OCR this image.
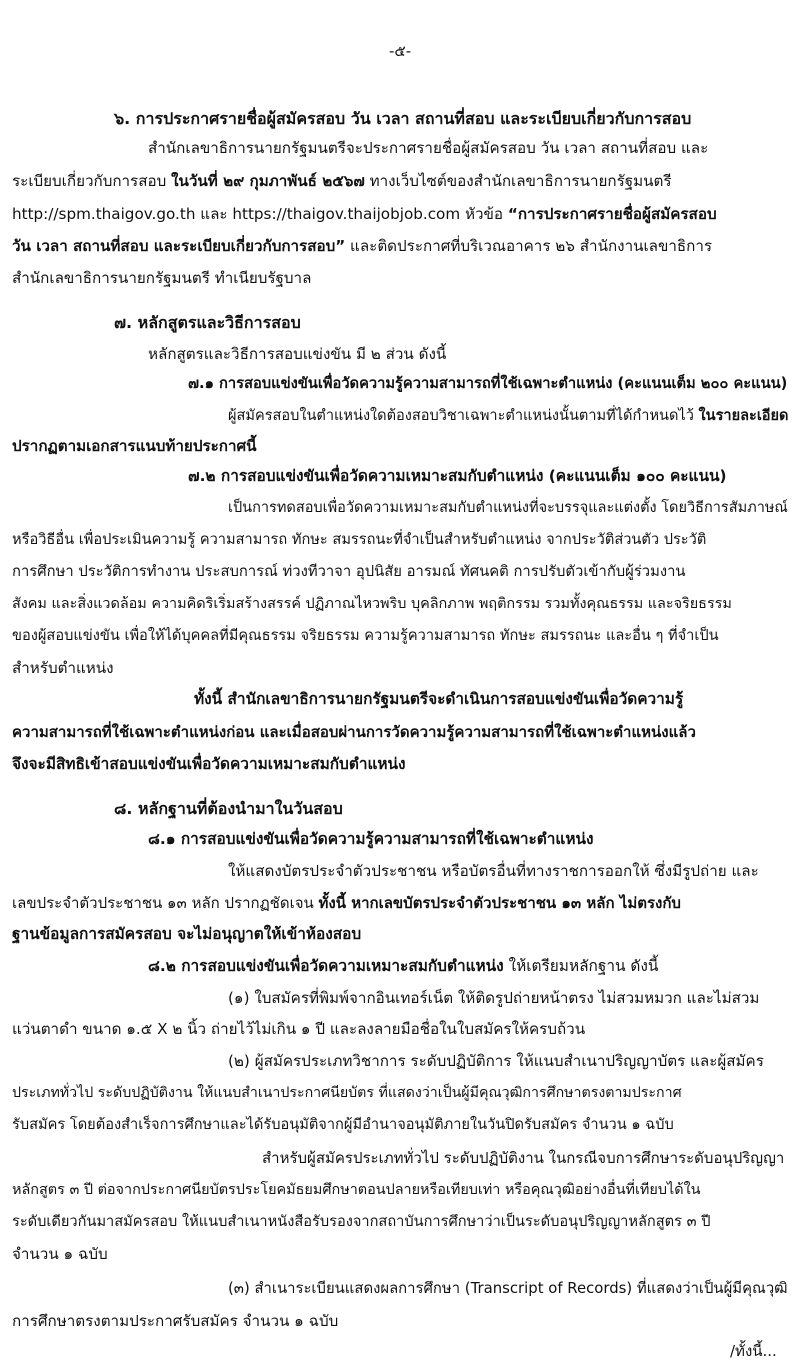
-๕-
๖. การประกาศรายชื่อผู้สมัครสอบ วัน เวลา สถานที่สอบ และระเบียบเกี่ยวกับการสอบ
สำนักเลขาธิการนายกรัฐมนตรีจะประกาศรายชื่อผู้สมัครสอบ วัน เวลา สถานที่สอบ และ
ระเบียบเกี่ยวกับการสอบ ในวันที่ ๒๙ กุมภาพันธ์ ๒๕๖๗ ทางเว็บไซต์ของสำนักเลขาธิการนายกรัฐมนตรี
http://spm.thaigov.go.th และ https://thaigov.thaijobjob.com หัวข้อ “การประกาศรายชื่อผู้สมัครสอบ
วัน เวลา สถานที่สอบ และระเบียบเกี่ยวกับการสอบ” และติดประกาศที่บริเวณอาคาร ๒๖ สำนักงานเลขาธิการ
สำนักเลขาธิการนายกรัฐมนตรี ทำเนียบรัฐบาล
๗. หลักสูตรและวิธีการสอบ
หลักสูตรและวิธีการสอบแข่งขัน มี ๒ ส่วน ดังนี้
๗.๑ การสอบแข่งขันเพื่อวัดความรู้ความสามารถที่ใช้เฉพาะตำแหน่ง (คะแนนเต็ม ๒๐๐ คะแนน)
ผู้สมัครสอบในตำแหน่งใดต้องสอบวิชาเฉพาะตำแหน่งนั้นตามที่ได้กำหนดไว้ ในรายละเอียด
ปรากฏตามเอกสารแนบท้ายประกาศนี้
๗.๒ การสอบแข่งขันเพื่อวัดความเหมาะสมกับตำแหน่ง (คะแนนเต็ม ๑๐๐ คะแนน)
เป็นการทดสอบเพื่อวัดความเหมาะสมกับตำแหน่งที่จะบรรจุและแต่งตั้ง โดยวิธีการสัมภาษณ์
หรือวิธีอื่น เพื่อประเมินความรู้ ความสามารถ ทักษะ สมรรถนะที่จำเป็นสำหรับตำแหน่ง จากประวัติส่วนตัว ประวัติ
การศึกษา ประวัติการทำงาน ประสบการณ์ ท่วงทีวาจา อุปนิสัย อารมณ์ ทัศนคติ การปรับตัวเข้ากับผู้ร่วมงาน
สังคม และสิ่งแวดล้อม ความคิดริเริ่มสร้างสรรค์ ปฏิภาณไหวพริบ บุคลิกภาพ พฤติกรรม รวมทั้งคุณธรรม และจริยธรรม
ของผู้สอบแข่งขัน เพื่อให้ได้บุคคลที่มีคุณธรรม จริยธรรม ความรู้ความสามารถ ทักษะ สมรรถนะ และอื่น ๆ ที่จำเป็น
สำหรับตำแหน่ง
ทั้งนี้ สำนักเลขาธิการนายกรัฐมนตรีจะดำเนินการสอบแข่งขันเพื่อวัดความรู้
ความสามารถที่ใช้เฉพาะตำแหน่งก่อน และเมื่อสอบผ่านการวัดความรู้ความสามารถที่ใช้เฉพาะตำแหน่งแล้ว
จึงจะมีสิทธิเข้าสอบแข่งขันเพื่อวัดความเหมาะสมกับตำแหน่ง
๘. หลักฐานที่ต้องนำมาในวันสอบ
๘.๑ การสอบแข่งขันเพื่อวัดความรู้ความสามารถที่ใช้เฉพาะตำแหน่ง
ให้แสดงบัตรประจำตัวประชาชน หรือบัตรอื่นที่ทางราชการออกให้ ซึ่งมีรูปถ่าย และ
เลขประจำตัวประชาชน ๑๓ หลัก ปรากฏชัดเจน ทั้งนี้ หากเลขบัตรประจำตัวประชาชน ๑๓ หลัก ไม่ตรงกับ
ฐานข้อมูลการสมัครสอบ จะไม่อนุญาตให้เข้าห้องสอบ
๘.๒ การสอบแข่งขันเพื่อวัดความเหมาะสมกับตำแหน่ง ให้เตรียมหลักฐาน ดังนี้
(๑) ใบสมัครที่พิมพ์จากอินเทอร์เน็ต ให้ติดรูปถ่ายหน้าตรง ไม่สวมหมวก และไม่สวม
แว่นตาดำ ขนาด ๑.๕ X ๒ นิ้ว ถ่ายไว้ไม่เกิน ๑ ปี และลงลายมือชื่อในใบสมัครให้ครบถ้วน
(๒) ผู้สมัครประเภทวิชาการ ระดับปฏิบัติการ ให้แนบสำเนาปริญญาบัตร และผู้สมัคร
ประเภททั่วไป ระดับปฏิบัติงาน ให้แนบสำเนาประกาศนียบัตร ที่แสดงว่าเป็นผู้มีคุณวุฒิการศึกษาตรงตามประกาศ
รับสมัคร โดยต้องสำเร็จการศึกษาและได้รับอนุมัติจากผู้มีอำนาจอนุมัติภายในวันปิดรับสมัคร จำนวน ๑ ฉบับ
สำหรับผู้สมัครประเภททั่วไป ระดับปฏิบัติงาน ในกรณีจบการศึกษาระดับอนุปริญญา
หลักสูตร ๓ ปี ต่อจากประกาศนียบัตรประโยคมัธยมศึกษาตอนปลายหรือเทียบเท่า หรือคุณวุฒิอย่างอื่นที่เทียบได้ใน
ระดับเดียวกันมาสมัครสอบ ให้แนบสำเนาหนังสือรับรองจากสถาบันการศึกษาว่าเป็นระดับอนุปริญญาหลักสูตร ๓ ปี
จำนวน ๑ ฉบับ
(๓) สำเนาระเบียนแสดงผลการศึกษา (Transcript of Records) ที่แสดงว่าเป็นผู้มีคุณวุฒิ
การศึกษาตรงตามประกาศรับสมัคร จำนวน ๑ ฉบับ
/ทั้งนี้...
